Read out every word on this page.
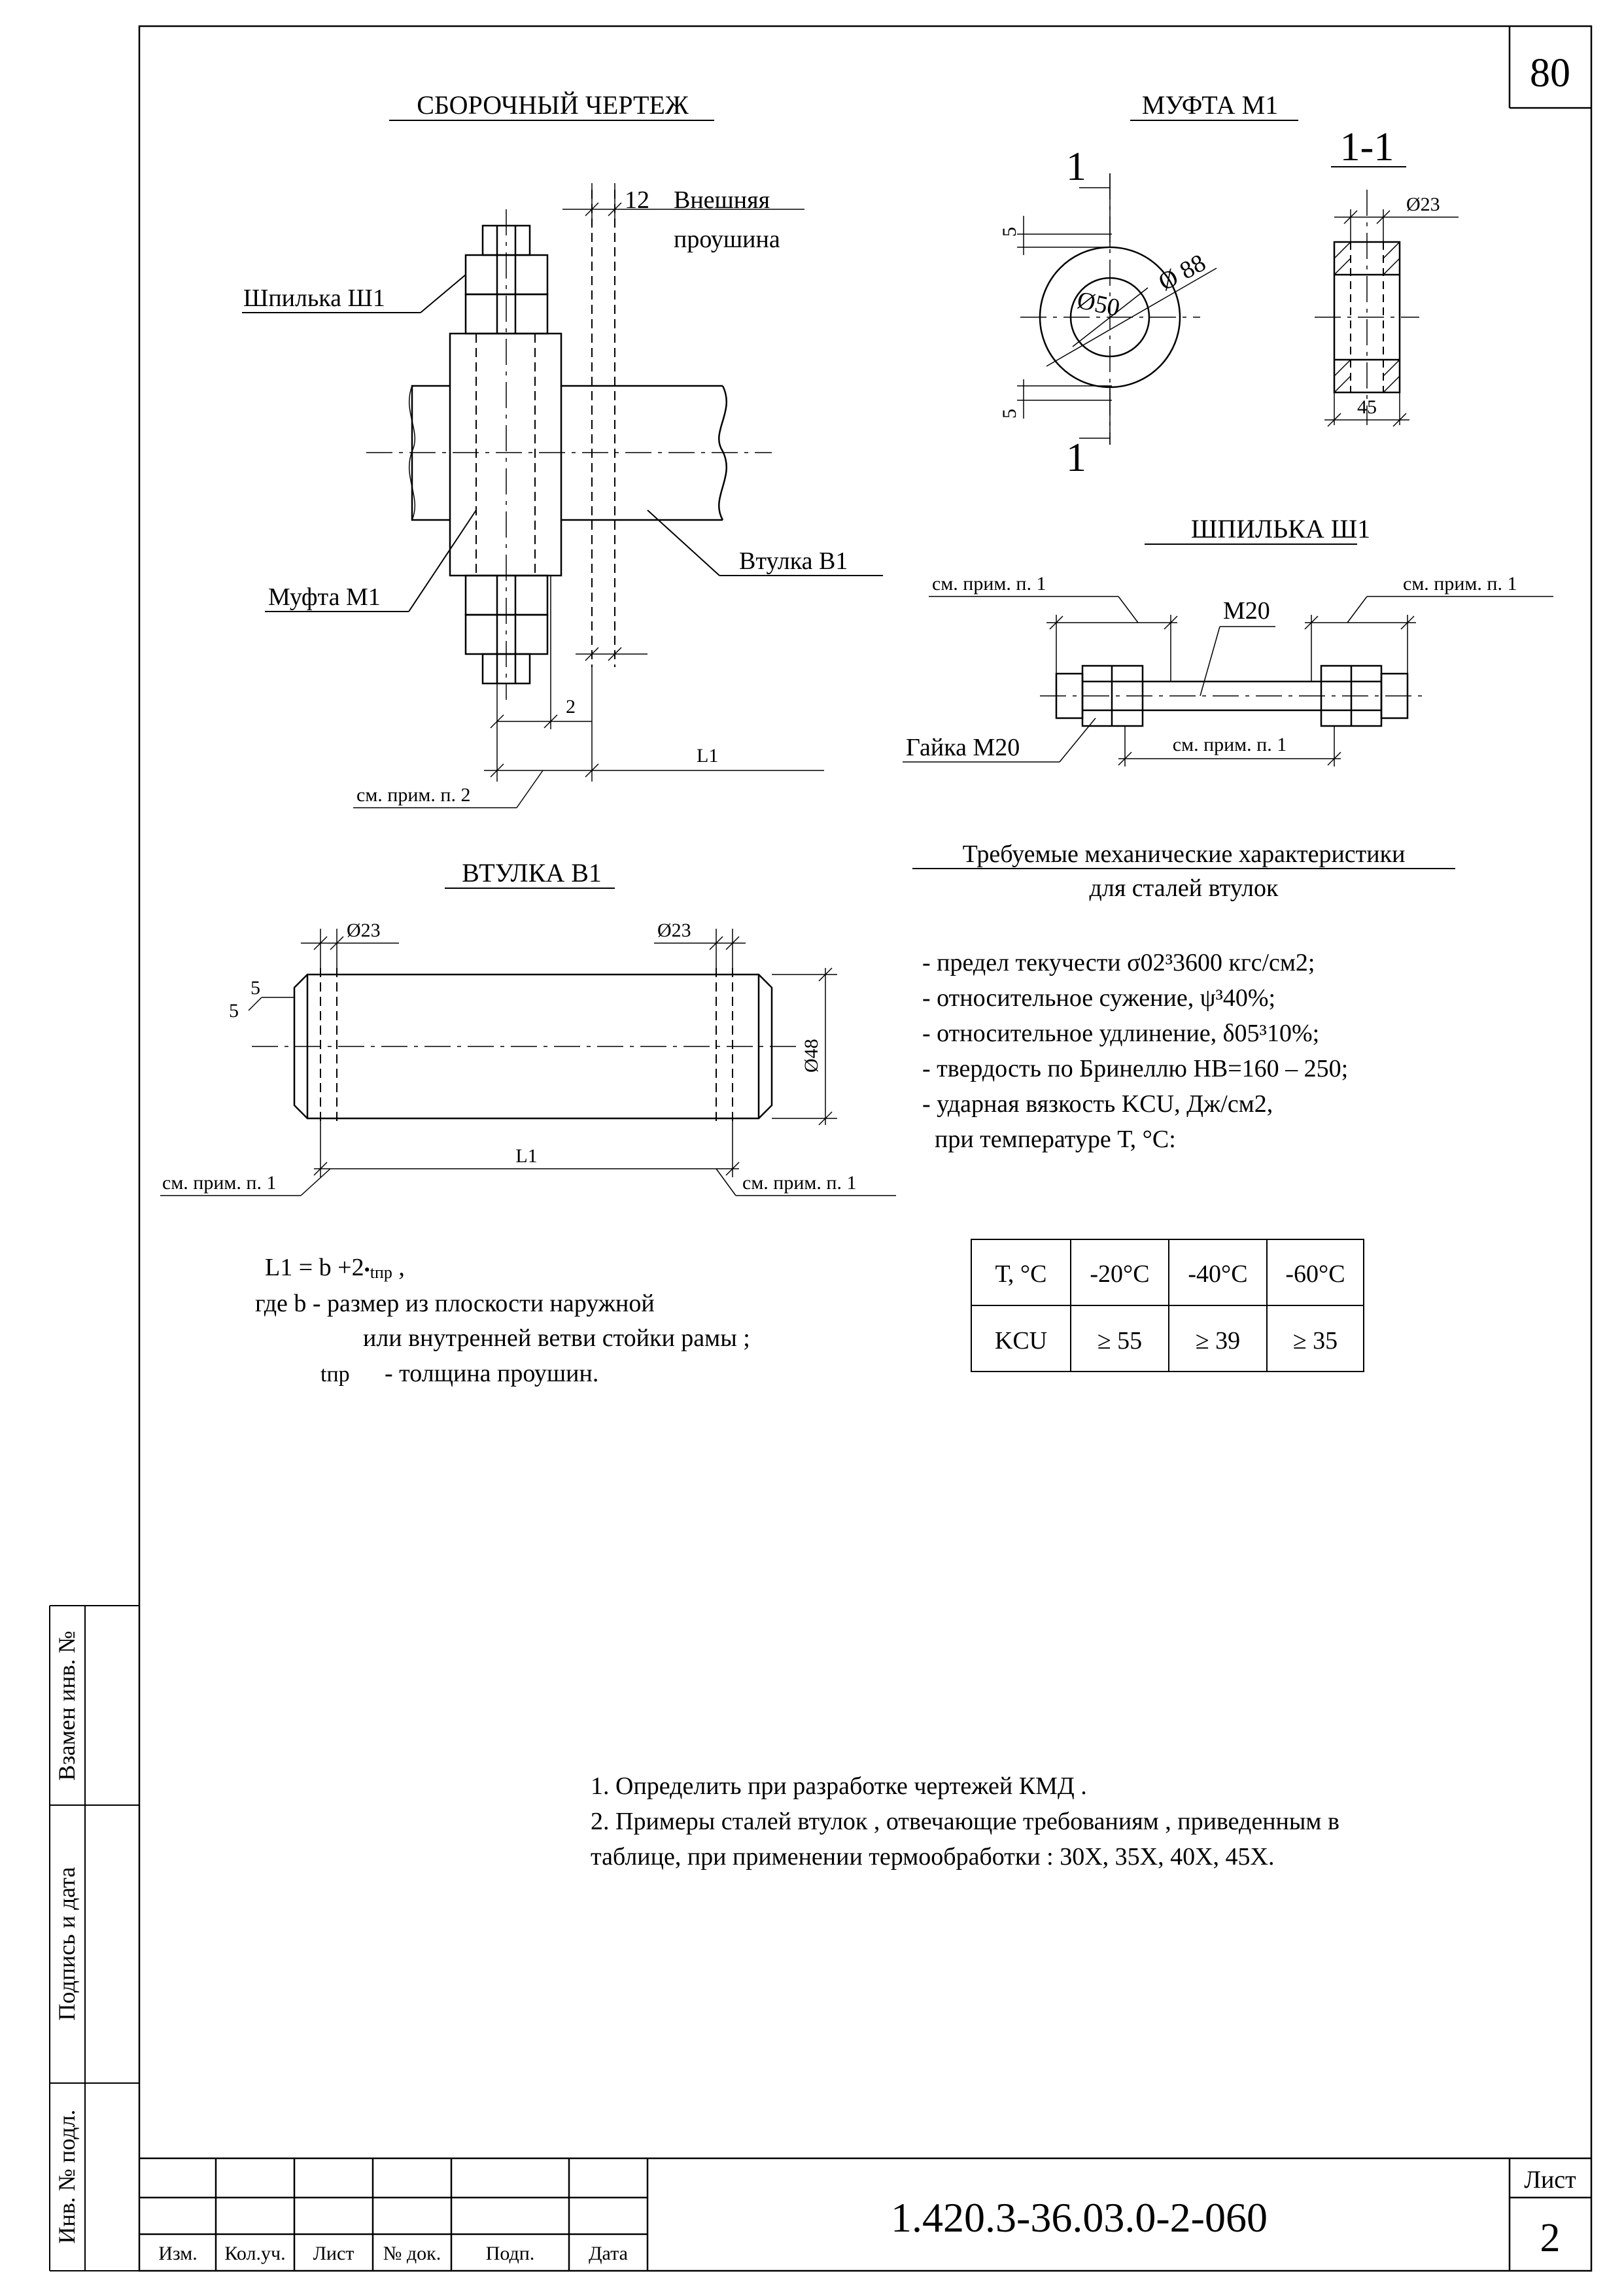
80
Взамен инв. №
Подпись и дата
Инв. № подл.
СБОРОЧНЫЙ ЧЕРТЕЖ
12 Внешняя
проушина
Шпилька Ш1
Муфта М1
Втулка В1
2
L1
см. прим. п. 2
МУФТА М1
1-1
1
1
5
5
Ø50
Ø 88
Ø23
45
ШПИЛЬКА Ш1
см. прим. п. 1	см. прим. п. 1
М20
см. прим. п. 1
Гайка М20
ВТУЛКА В1
Ø23	Ø23
Ø48
5
5
L1
см. прим. п. 1	см. прим. п. 1
L1 = b +2•tпр ,
где b - размер из плоскости наружной
или внутренней ветви стойки рамы ;
tпр - толщина проушин.
Требуемые механические характеристики
для сталей втулок
- предел текучести σ02³3600 кгс/см2;
- относительное сужение, ψ³40%;
- относительное удлинение, δ05³10%;
- твердость по Бринеллю НВ=160 – 250;
- ударная вязкость KCU, Дж/см2,
при температуре Т, °С:
Т, °С -20°С -40°С -60°С
KCU ≥ 55 ≥ 39 ≥ 35
1. Определить при разработке чертежей КМД .
2. Примеры сталей втулок , отвечающие требованиям , приведенным в
таблице, при применении термообработки : 30Х, 35Х, 40Х, 45Х.
Изм. Кол.уч. Лист № док. Подп.	Дата
1.420.3-36.03.0-2-060
Лист
2
